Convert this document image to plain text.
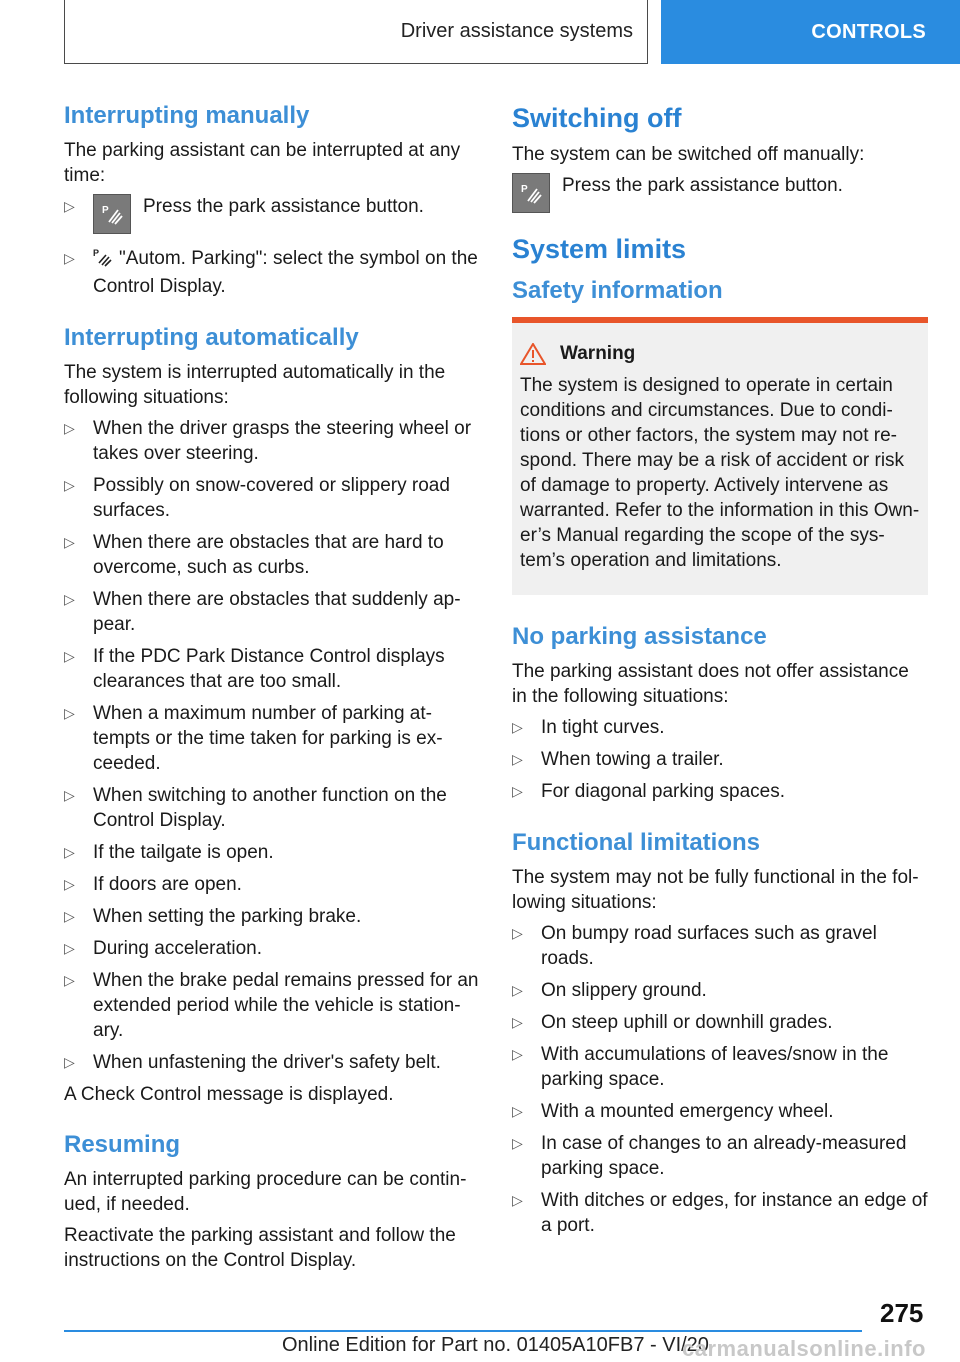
Driver assistance systems	CONTROLS
Interrupting manually

The parking assistant can be interrupted at any time:

▷	P Press the park assistance button.
▷ P "Autom. Parking": select the symbol on the Control Display.
Interrupting automatically

The system is interrupted automatically in the following situations:

▷ When the driver grasps the steering wheel or takes over steering.
▷ Possibly on snow-covered or slippery road surfaces.
▷ When there are obstacles that are hard to overcome, such as curbs.
▷ When there are obstacles that suddenly ap‐pear.
▷ If the PDC Park Distance Control displays clearances that are too small.
▷ When a maximum number of parking at‐tempts or the time taken for parking is ex‐ceeded.
▷ When switching to another function on the Control Display.
▷ If the tailgate is open.
▷ If doors are open.
▷ When setting the parking brake.
▷ During acceleration.
▷ When the brake pedal remains pressed for an extended period while the vehicle is station‐ary.
▷ When unfastening the driver's safety belt.

A Check Control message is displayed.

Resuming

An interrupted parking procedure can be contin‐ued, if needed.

Reactivate the parking assistant and follow the instructions on the Control Display.

Switching off

The system can be switched off manually:

P Press the park assistance button.
System limits
Safety information
Warning

The system is designed to operate in certain conditions and circumstances. Due to condi‐tions or other factors, the system may not re‐spond. There may be a risk of accident or risk of damage to property. Actively intervene as warranted. Refer to the information in this Own‐er’s Manual regarding the scope of the sys‐tem’s operation and limitations.

No parking assistance

The parking assistant does not offer assistance in the following situations:

▷ In tight curves.
▷ When towing a trailer.
▷ For diagonal parking spaces.
Functional limitations

The system may not be fully functional in the fol‐lowing situations:

▷ On bumpy road surfaces such as gravel roads.
▷ On slippery ground.
▷ On steep uphill or downhill grades.
▷ With accumulations of leaves/snow in the parking space.
▷ With a mounted emergency wheel.
▷ In case of changes to an already-measured parking space.
▷ With ditches or edges, for instance an edge of a port.
275
Online Edition for Part no. 01405A10FB7 - VI/20
carmanualsonline.info
